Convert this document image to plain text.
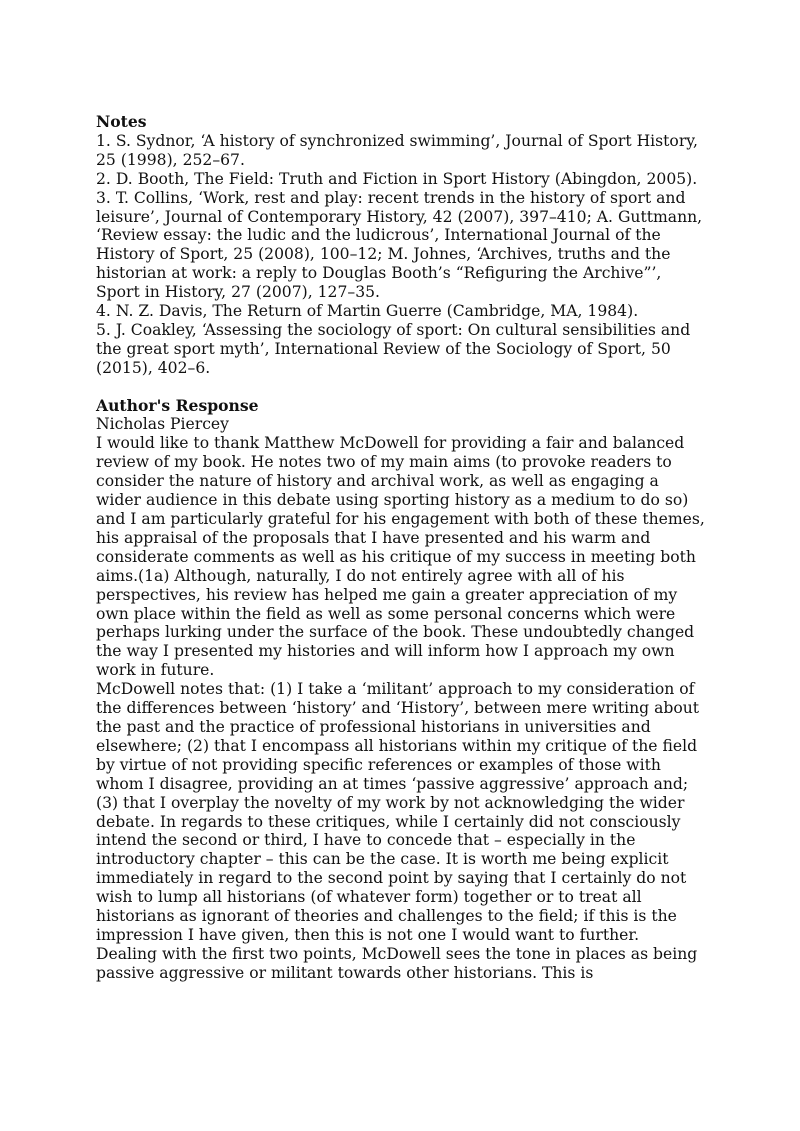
Notes

1. S. Sydnor, ‘A history of synchronized swimming’, Journal of Sport History, 25 (1998), 252–67.

2. D. Booth, The Field: Truth and Fiction in Sport History (Abingdon, 2005).

3. T. Collins, ‘Work, rest and play: recent trends in the history of sport and leisure’, Journal of Contemporary History, 42 (2007), 397–410; A. Guttmann, ‘Review essay: the ludic and the ludicrous’, International Journal of the History of Sport, 25 (2008), 100–12; M. Johnes, ‘Archives, truths and the historian at work: a reply to Douglas Booth’s “Refiguring the Archive”’, Sport in History, 27 (2007), 127–35.

4. N. Z. Davis, The Return of Martin Guerre (Cambridge, MA, 1984).

5. J. Coakley, ‘Assessing the sociology of sport: On cultural sensibilities and the great sport myth’, International Review of the Sociology of Sport, 50 (2015), 402–6.

Author's Response

Nicholas Piercey

I would like to thank Matthew McDowell for providing a fair and balanced review of my book. He notes two of my main aims (to provoke readers to consider the nature of history and archival work, as well as engaging a wider audience in this debate using sporting history as a medium to do so) and I am particularly grateful for his engagement with both of these themes, his appraisal of the proposals that I have presented and his warm and considerate comments as well as his critique of my success in meeting both aims.(1a) Although, naturally, I do not entirely agree with all of his perspectives, his review has helped me gain a greater appreciation of my own place within the field as well as some personal concerns which were perhaps lurking under the surface of the book. These undoubtedly changed the way I presented my histories and will inform how I approach my own work in future.

McDowell notes that: (1) I take a ‘militant’ approach to my consideration of the differences between ‘history’ and ‘History’, between mere writing about the past and the practice of professional historians in universities and elsewhere; (2) that I encompass all historians within my critique of the field by virtue of not providing specific references or examples of those with whom I disagree, providing an at times ‘passive aggressive’ approach and; (3) that I overplay the novelty of my work by not acknowledging the wider debate. In regards to these critiques, while I certainly did not consciously intend the second or third, I have to concede that – especially in the introductory chapter – this can be the case. It is worth me being explicit immediately in regard to the second point by saying that I certainly do not wish to lump all historians (of whatever form) together or to treat all historians as ignorant of theories and challenges to the field; if this is the impression I have given, then this is not one I would want to further.

Dealing with the first two points, McDowell sees the tone in places as being passive aggressive or militant towards other historians. This is
